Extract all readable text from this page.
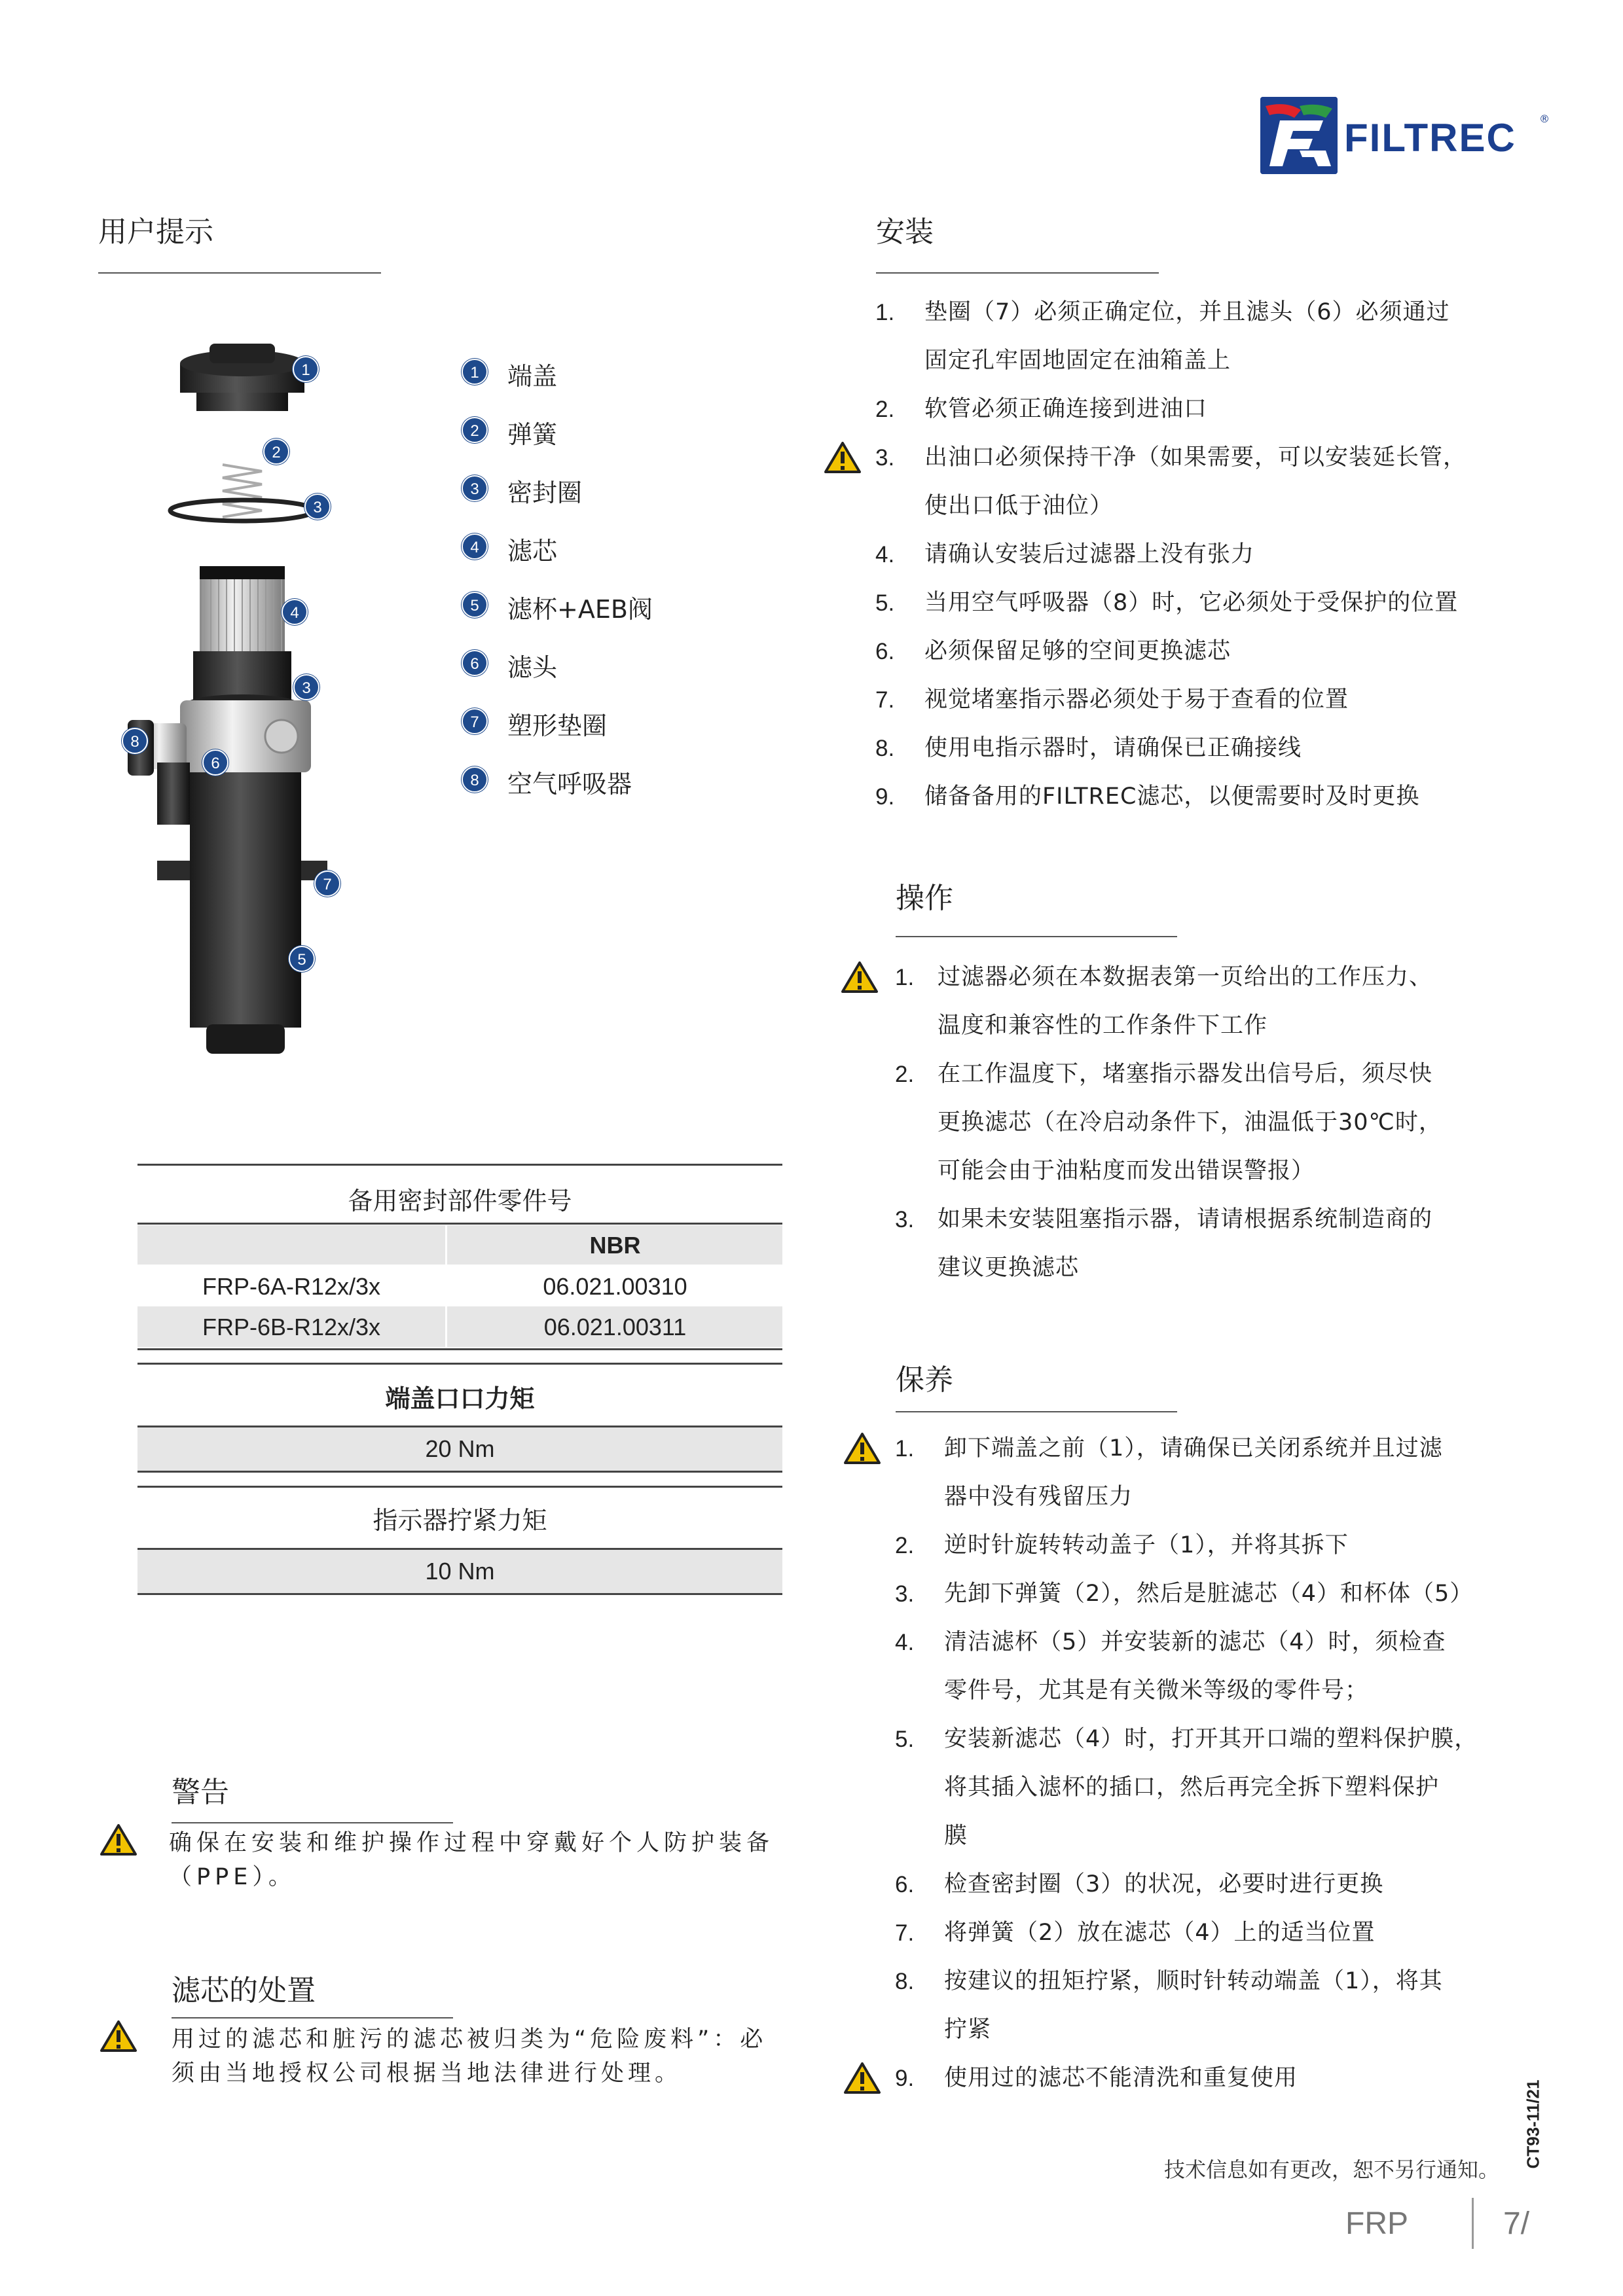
FILTREC ®
用户提示
1
2
3
4
3
8
6
7
5
1	端盖
2	弹簧
3	密封圈
4	滤芯
5	滤杯+AEB阀
6	滤头
7	塑形垫圈
8	空气呼吸器
备用密封部件零件号
NBR
FRP-6A-R12x/3x	06.021.00310
FRP-6B-R12x/3x	06.021.00311
端盖口口力矩
20 Nm
指示器拧紧力矩
10 Nm
警告
确保在安装和维护操作过程中穿戴好个人防护装备
（PPE）。
滤芯的处置
用过的滤芯和脏污的滤芯被归类为“危险废料”：必
须由当地授权公司根据当地法律进行处理。
安装
1. 垫圈（7）必须正确定位，并且滤头（6）必须通过
固定孔牢固地固定在油箱盖上
2. 软管必须正确连接到进油口
3. 出油口必须保持干净（如果需要，可以安装延长管，
使出口低于油位）
4. 请确认安装后过滤器上没有张力
5. 当用空气呼吸器（8）时，它必须处于受保护的位置
6. 必须保留足够的空间更换滤芯
7. 视觉堵塞指示器必须处于易于查看的位置
8. 使用电指示器时，请确保已正确接线
9. 储备备用的FILTREC滤芯，以便需要时及时更换
操作
1. 过滤器必须在本数据表第一页给出的工作压力、
温度和兼容性的工作条件下工作
2. 在工作温度下，堵塞指示器发出信号后，须尽快
更换滤芯（在冷启动条件下，油温低于30℃时，
可能会由于油粘度而发出错误警报）
3. 如果未安装阻塞指示器，请请根据系统制造商的
建议更换滤芯
保养
1. 卸下端盖之前（1），请确保已关闭系统并且过滤
器中没有残留压力
2. 逆时针旋转转动盖子（1），并将其拆下
3. 先卸下弹簧（2），然后是脏滤芯（4）和杯体（5）
4. 清洁滤杯（5）并安装新的滤芯（4）时，须检查
零件号，尤其是有关微米等级的零件号；
5. 安装新滤芯（4）时，打开其开口端的塑料保护膜，
将其插入滤杯的插口，然后再完全拆下塑料保护
膜
6. 检查密封圈（3）的状况，必要时进行更换
7. 将弹簧（2）放在滤芯（4）上的适当位置
8. 按建议的扭矩拧紧，顺时针转动端盖（1），将其
拧紧
9. 使用过的滤芯不能清洗和重复使用
技术信息如有更改，恕不另行通知。
CT93-11/21
FRP	7/
